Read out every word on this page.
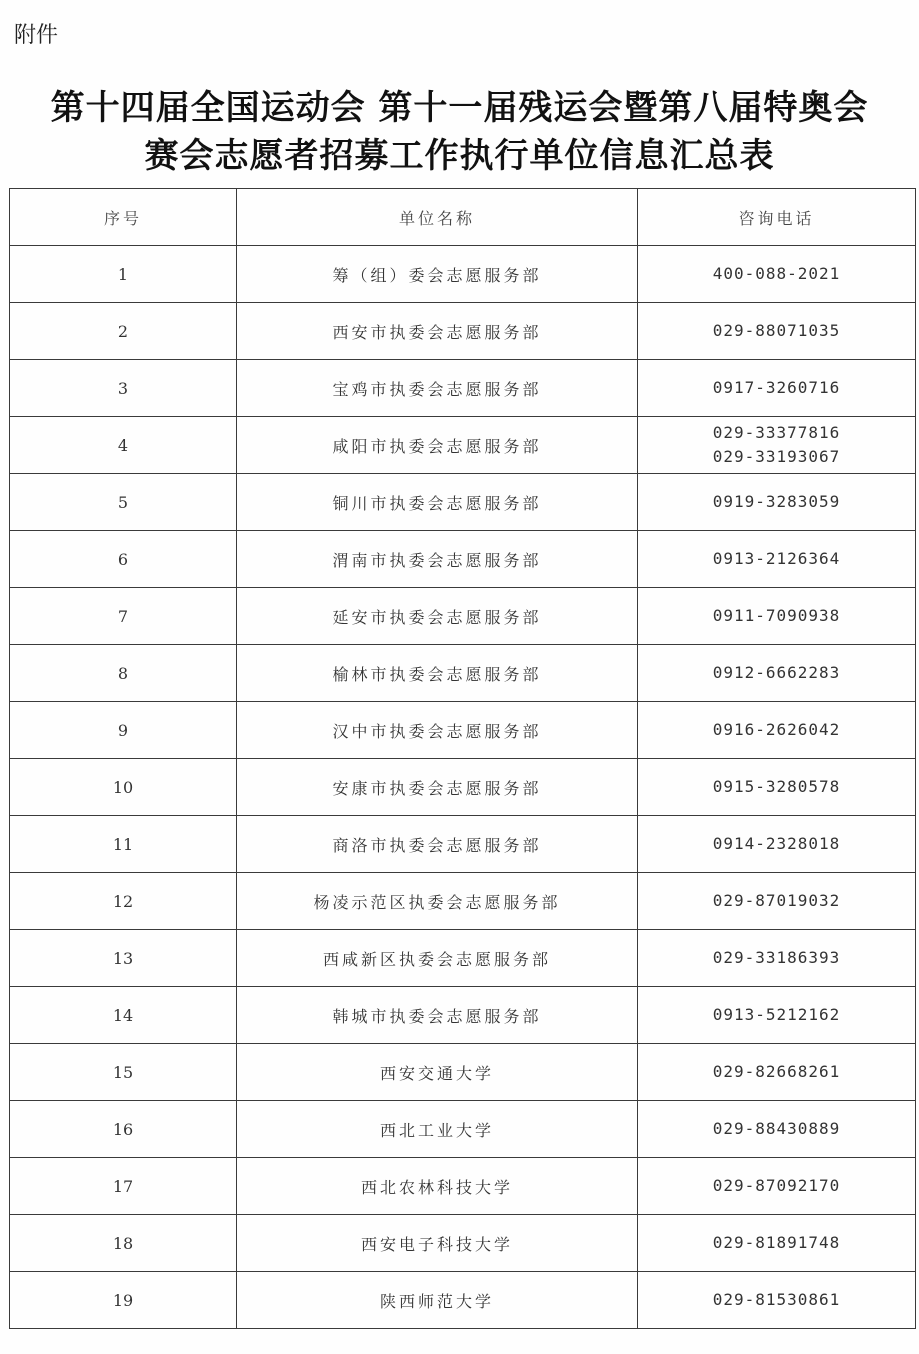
附件
第十四届全国运动会 第十一届残运会暨第八届特奥会
赛会志愿者招募工作执行单位信息汇总表
序号	单位名称	咨询电话
1	筹（组）委会志愿服务部	400-088-2021

2	西安市执委会志愿服务部	029-88071035

3	宝鸡市执委会志愿服务部	0917-3260716

4	咸阳市执委会志愿服务部	029-33377816
029-33193067

5	铜川市执委会志愿服务部	0919-3283059

6	渭南市执委会志愿服务部	0913-2126364

7	延安市执委会志愿服务部	0911-7090938

8	榆林市执委会志愿服务部	0912-6662283

9	汉中市执委会志愿服务部	0916-2626042

10	安康市执委会志愿服务部	0915-3280578

11	商洛市执委会志愿服务部	0914-2328018

12	杨凌示范区执委会志愿服务部	029-87019032

13	西咸新区执委会志愿服务部	029-33186393

14	韩城市执委会志愿服务部	0913-5212162

15	西安交通大学	029-82668261

16	西北工业大学	029-88430889

17	西北农林科技大学	029-87092170

18	西安电子科技大学	029-81891748

19	陕西师范大学	029-81530861
